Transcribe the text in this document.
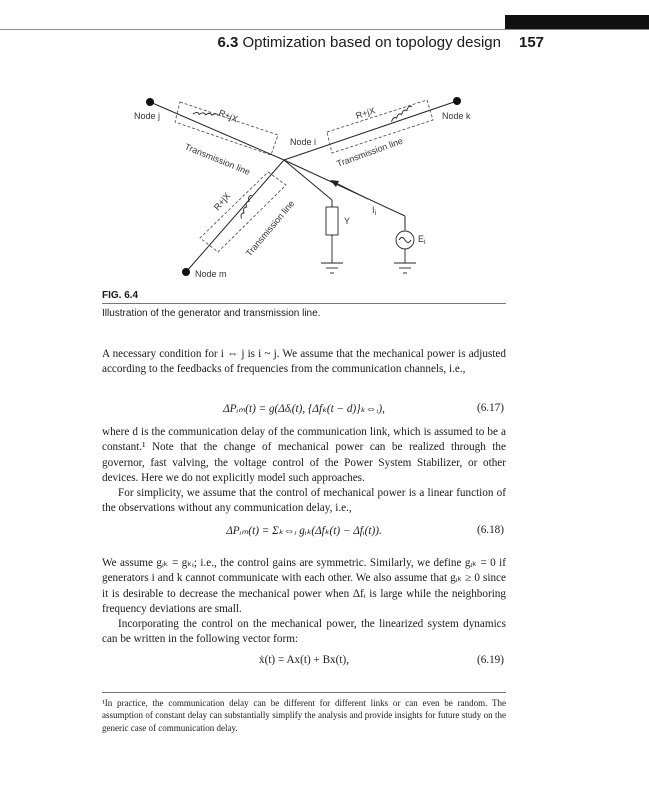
6.3 Optimization based on topology design 157
Node j	Node k
Node i
Node m
R+jX	R+jX
R+jX
Transmission line	Transmission line
Transmission line	$I_i$
Y
$E_i$
FIG. 6.4
Illustration of the generator and transmission line.
A necessary condition for i ⇔ j is i ~ j. We assume that the mechanical power is adjusted according to the feedbacks of frequencies from the communication channels, i.e.,
ΔPᵢₘ(t) = g(Δδᵢ(t), {Δfₖ(t − d)}ₖ⇔ᵢ),	(6.17)
where d is the communication delay of the communication link, which is assumed to be a constant.¹ Note that the change of mechanical power can be realized through the governor, fast valving, the voltage control of the Power System Stabilizer, or other devices. Here we do not explicitly model such approaches.
For simplicity, we assume that the control of mechanical power is a linear function of the observations without any communication delay, i.e.,
ΔPᵢₘ(t) = Σₖ⇔ᵢ gᵢₖ(Δfₖ(t) − Δfᵢ(t)).	(6.18)
We assume gᵢₖ = gₖᵢ; i.e., the control gains are symmetric. Similarly, we define gᵢₖ = 0 if generators i and k cannot communicate with each other. We also assume that gᵢₖ ≥ 0 since it is desirable to decrease the mechanical power when Δfᵢ is large while the neighboring frequency deviations are small.
Incorporating the control on the mechanical power, the linearized system dynamics can be written in the following vector form:
ẋ(t) = Ax(t) + Bx(t),	(6.19)
¹In practice, the communication delay can be different for different links or can even be random. The assumption of constant delay can substantially simplify the analysis and provide insights for future study on the generic case of communication delay.
